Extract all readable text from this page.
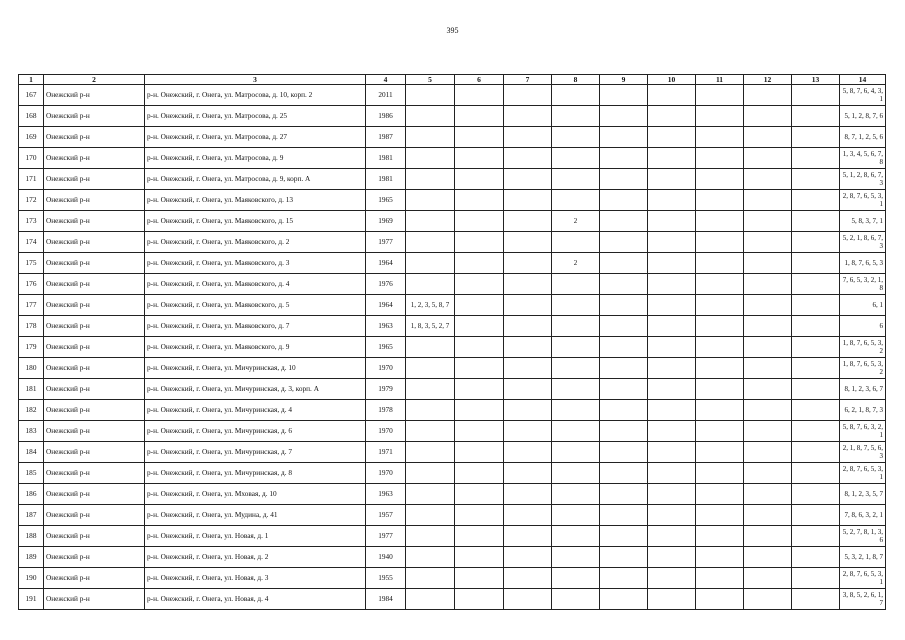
395
1	2	3	4	5	6	7	8	9	10	11	12	13	14
167	Онежский р-н	р-н. Онежский, г. Онега, ул. Матросова, д. 10, корп. 2	2011										5, 8, 7, 6, 4, 3, 1
168	Онежский р-н	р-н. Онежский, г. Онега, ул. Матросова, д. 25	1986										5, 1, 2, 8, 7, 6
169	Онежский р-н	р-н. Онежский, г. Онега, ул. Матросова, д. 27	1987										8, 7, 1, 2, 5, 6
170	Онежский р-н	р-н. Онежский, г. Онега, ул. Матросова, д. 9	1981										1, 3, 4, 5, 6, 7, 8
171	Онежский р-н	р-н. Онежский, г. Онега, ул. Матросова, д. 9, корп. А	1981										5, 1, 2, 8, 6, 7, 3
172	Онежский р-н	р-н. Онежский, г. Онега, ул. Маяковского, д. 13	1965										2, 8, 7, 6, 5, 3, 1
173	Онежский р-н	р-н. Онежский, г. Онега, ул. Маяковского, д. 15	1969				2						5, 8, 3, 7, 1
174	Онежский р-н	р-н. Онежский, г. Онега, ул. Маяковского, д. 2	1977										5, 2, 1, 8, 6, 7, 3
175	Онежский р-н	р-н. Онежский, г. Онега, ул. Маяковского, д. 3	1964				2						1, 8, 7, 6, 5, 3
176	Онежский р-н	р-н. Онежский, г. Онега, ул. Маяковского, д. 4	1976										7, 6, 5, 3, 2, 1, 8
177	Онежский р-н	р-н. Онежский, г. Онега, ул. Маяковского, д. 5	1964	1, 2, 3, 5, 8, 7									6, 1
178	Онежский р-н	р-н. Онежский, г. Онега, ул. Маяковского, д. 7	1963	1, 8, 3, 5, 2, 7									6
179	Онежский р-н	р-н. Онежский, г. Онега, ул. Маяковского, д. 9	1965										1, 8, 7, 6, 5, 3, 2
180	Онежский р-н	р-н. Онежский, г. Онега, ул. Мичуринская, д. 10	1970										1, 8, 7, 6, 5, 3, 2
181	Онежский р-н	р-н. Онежский, г. Онега, ул. Мичуринская, д. 3, корп. А	1979										8, 1, 2, 3, 6, 7
182	Онежский р-н	р-н. Онежский, г. Онега, ул. Мичуринская, д. 4	1978										6, 2, 1, 8, 7, 3
183	Онежский р-н	р-н. Онежский, г. Онега, ул. Мичуринская, д. 6	1970										5, 8, 7, 6, 3, 2, 1
184	Онежский р-н	р-н. Онежский, г. Онега, ул. Мичуринская, д. 7	1971										2, 1, 8, 7, 5, 6, 3
185	Онежский р-н	р-н. Онежский, г. Онега, ул. Мичуринская, д. 8	1970										2, 8, 7, 6, 5, 3, 1
186	Онежский р-н	р-н. Онежский, г. Онега, ул. Мховая, д. 10	1963										8, 1, 2, 3, 5, 7
187	Онежский р-н	р-н. Онежский, г. Онега, ул. Мудина, д. 41	1957										7, 8, 6, 3, 2, 1
188	Онежский р-н	р-н. Онежский, г. Онега, ул. Новая, д. 1	1977										5, 2, 7, 8, 1, 3, 6
189	Онежский р-н	р-н. Онежский, г. Онега, ул. Новая, д. 2	1940										5, 3, 2, 1, 8, 7
190	Онежский р-н	р-н. Онежский, г. Онега, ул. Новая, д. 3	1955										2, 8, 7, 6, 5, 3, 1
191	Онежский р-н	р-н. Онежский, г. Онега, ул. Новая, д. 4	1984										3, 8, 5, 2, 6, 1, 7
